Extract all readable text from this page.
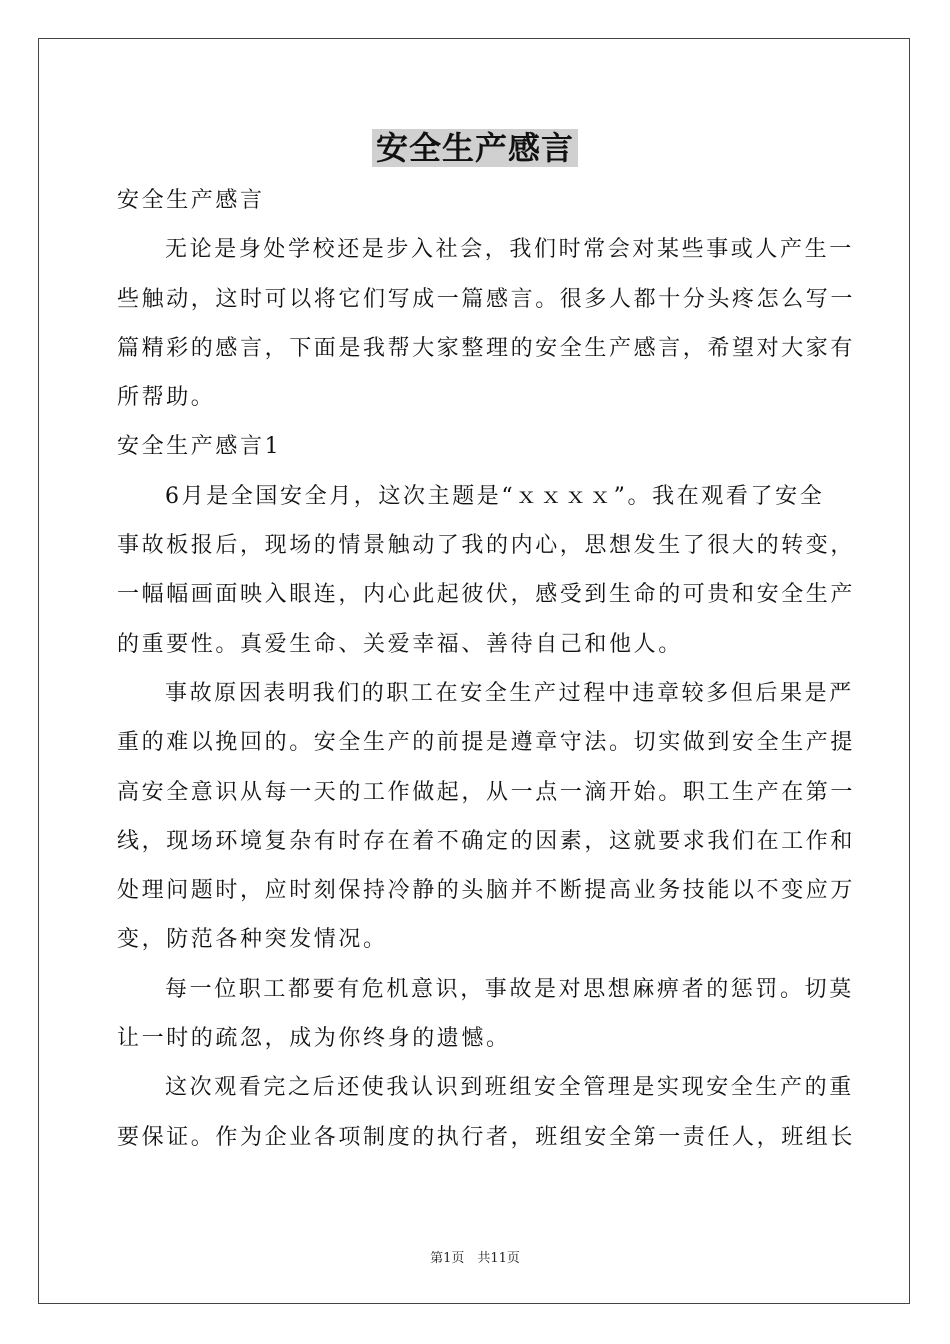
安全生产感言

安全生产感言

无论是身处学校还是步入社会，我们时常会对某些事或人产生一

些触动，这时可以将它们写成一篇感言。很多人都十分头疼怎么写一

篇精彩的感言，下面是我帮大家整理的安全生产感言，希望对大家有

所帮助。

安全生产感言1

6月是全国安全月，这次主题是“ｘｘｘｘ”。我在观看了安全

事故板报后，现场的情景触动了我的内心，思想发生了很大的转变，

一幅幅画面映入眼连，内心此起彼伏，感受到生命的可贵和安全生产

的重要性。真爱生命、关爱幸福、善待自己和他人。

事故原因表明我们的职工在安全生产过程中违章较多但后果是严

重的难以挽回的。安全生产的前提是遵章守法。切实做到安全生产提

高安全意识从每一天的工作做起，从一点一滴开始。职工生产在第一

线，现场环境复杂有时存在着不确定的因素，这就要求我们在工作和

处理问题时，应时刻保持冷静的头脑并不断提高业务技能以不变应万

变，防范各种突发情况。

每一位职工都要有危机意识，事故是对思想麻痹者的惩罚。切莫

让一时的疏忽，成为你终身的遗憾。

这次观看完之后还使我认识到班组安全管理是实现安全生产的重

要保证。作为企业各项制度的执行者，班组安全第一责任人，班组长

第1页　共11页
